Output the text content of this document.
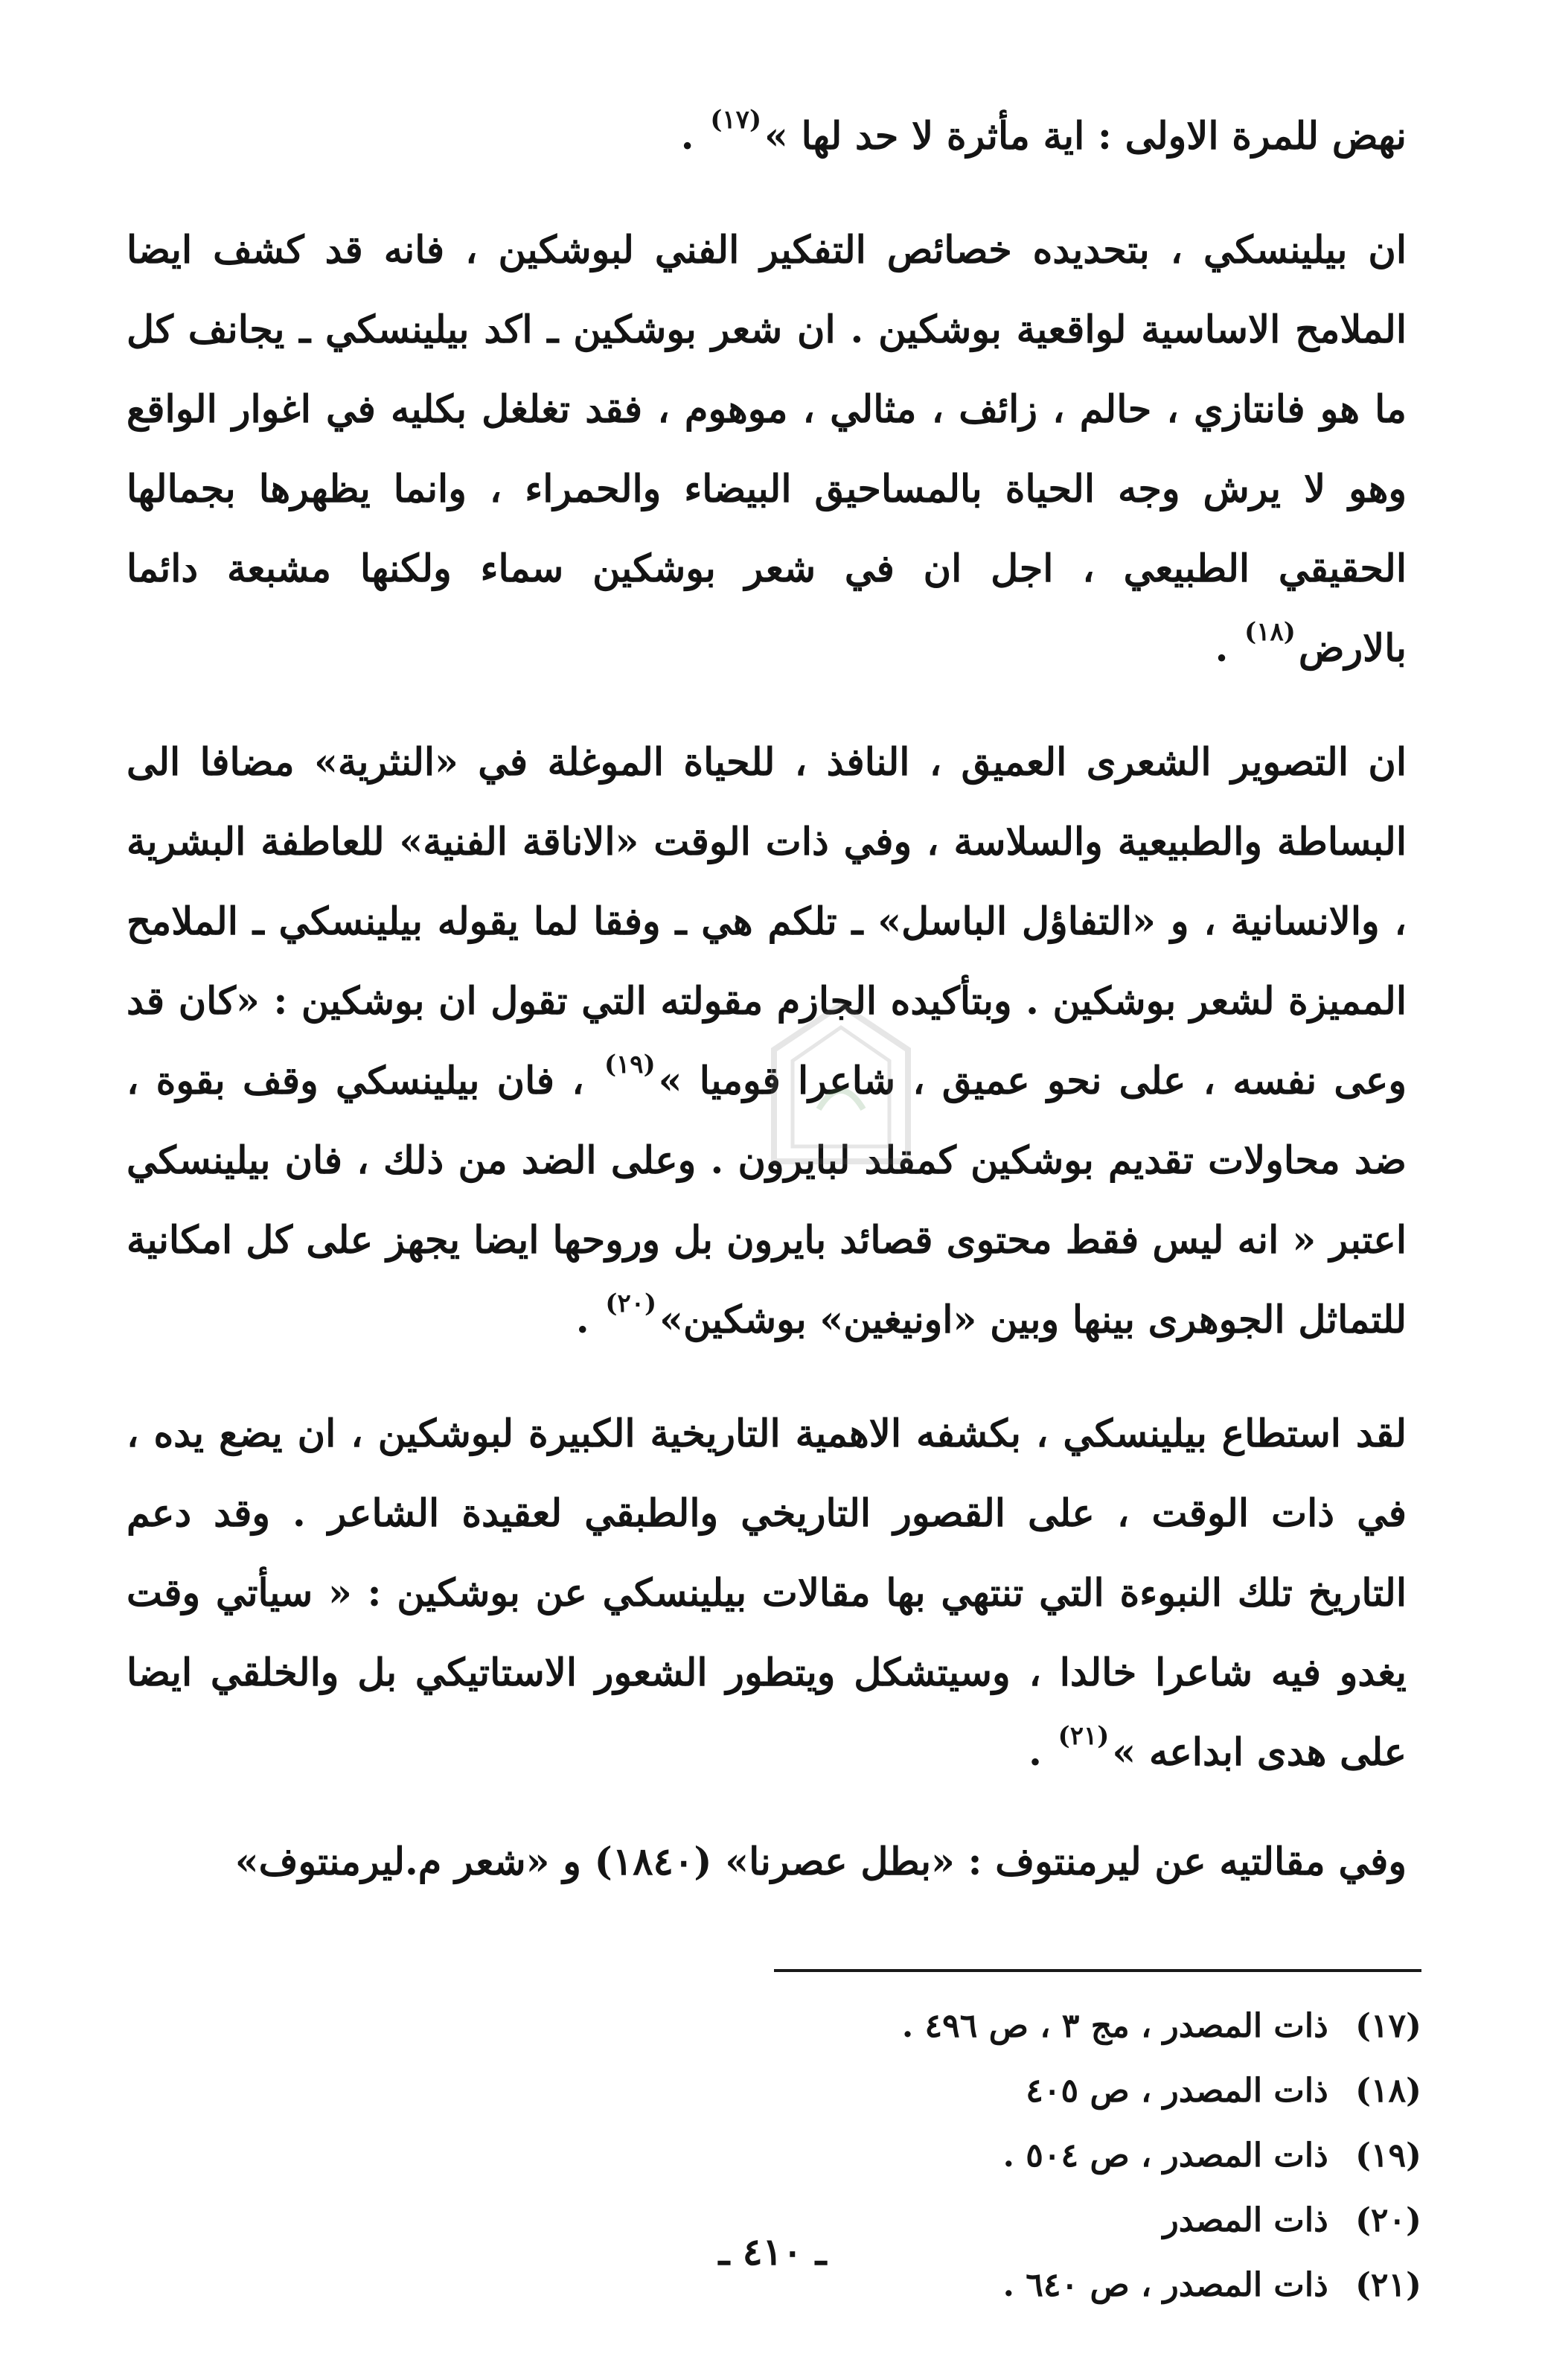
نهض للمرة الاولى : اية مأثرة لا حد لها »$^{(١٧)}$ .

ان بيلينسكي ، بتحديده خصائص التفكير الفني لبوشكين ، فانه قد كشف ايضا الملامح الاساسية لواقعية بوشكين . ان شعر بوشكين ـ اكد بيلينسكي ـ يجانف كل ما هو فانتازي ، حالم ، زائف ، مثالي ، موهوم ، فقد تغلغل بكليه في اغوار الواقع وهو لا يرش وجه الحياة بالمساحيق البيضاء والحمراء ، وانما يظهرها بجمالها الحقيقي الطبيعي ، اجل ان في شعر بوشكين سماء ولكنها مشبعة دائما بالارض$^{(١٨)}$ .

ان التصوير الشعرى العميق ، النافذ ، للحياة الموغلة في «النثرية» مضافا الى البساطة والطبيعية والسلاسة ، وفي ذات الوقت «الاناقة الفنية» للعاطفة البشرية ، والانسانية ، و «التفاؤل الباسل» ـ تلكم هي ـ وفقا لما يقوله بيلينسكي ـ الملامح المميزة لشعر بوشكين . وبتأكيده الجازم مقولته التي تقول ان بوشكين : «كان قد وعى نفسه ، على نحو عميق ، شاعرا قوميا »$^{(١٩)}$ ، فان بيلينسكي وقف بقوة ، ضد محاولات تقديم بوشكين كمقلد لبايرون . وعلى الضد من ذلك ، فان بيلينسكي اعتبر « انه ليس فقط محتوى قصائد بايرون بل وروحها ايضا يجهز على كل امكانية للتماثل الجوهرى بينها وبين «اونيغين» بوشكين»$^{(٢٠)}$ .

لقد استطاع بيلينسكي ، بكشفه الاهمية التاريخية الكبيرة لبوشكين ، ان يضع يده ، في ذات الوقت ، على القصور التاريخي والطبقي لعقيدة الشاعر . وقد دعم التاريخ تلك النبوءة التي تنتهي بها مقالات بيلينسكي عن بوشكين : « سيأتي وقت يغدو فيه شاعرا خالدا ، وسيتشكل ويتطور الشعور الاستاتيكي بل والخلقي ايضا على هدى ابداعه »$^{(٢١)}$ .

وفي مقالتيه عن ليرمنتوف : «بطل عصرنا» (١٨٤٠) و «شعر م.ليرمنتوف»

(١٧) ذات المصدر ، مج ٣ ، ص ٤٩٦ .
(١٨) ذات المصدر ، ص ٤٠٥
(١٩) ذات المصدر ، ص ٥٠٤ .
(٢٠) ذات المصدر
(٢١) ذات المصدر ، ص ٦٤٠ .
ـ ٤١٠ ـ
